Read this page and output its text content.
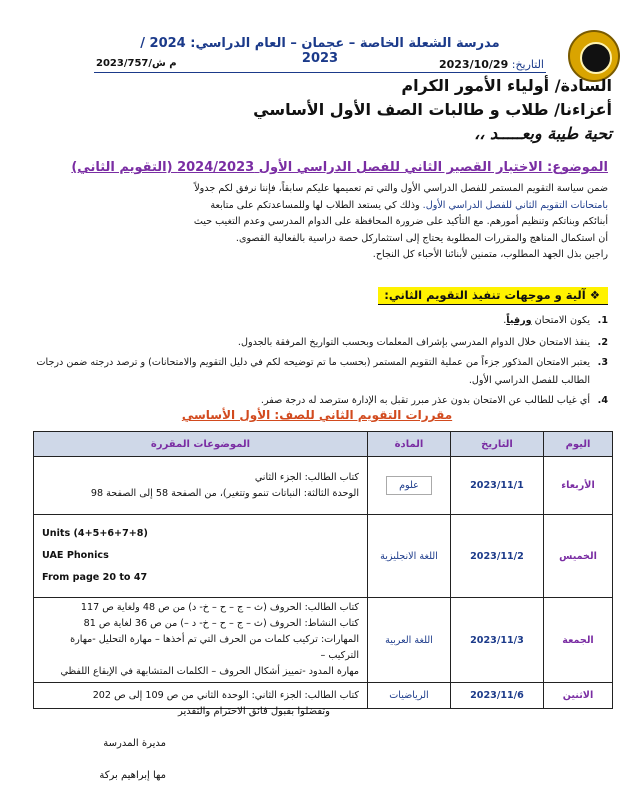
مدرسة الشعلة الخاصة – عجمان – العام الدراسي: 2024 / 2023	التاريخ: 2023/10/29
م ش/2023/757
السادة/ أولياء الأمور الكرام
أعزاءنا/ طلاب و طالبات الصف الأول الأساسي
تحية طيبة وبعـــــد ،،
الموضوع: الاختبار القصير الثاني للفصل الدراسي الأول 2024/2023 (التقويم الثاني)
ضمن سياسة التقويم المستمر للفصل الدراسي الأول والتي تم تعميمها عليكم سابقاً، فإننا نرفق لكم جدولاً
بامتحانات التقويم الثاني للفصل الدراسي الأول. وذلك كي يستعد الطلاب لها وللمساعدتكم على متابعة
أبنائكم وبناتكم وتنظيم أمورهم. مع التأكيد على ضرورة المحافظة على الدوام المدرسي وعدم التغيب حيث
أن استكمال المناهج والمقررات المطلوبة يحتاج إلى استثماركل حصة دراسية بالفعالية القصوى.
راجين بذل الجهد المطلوب، متمنين لأبنائنا الأحباء كل النجاح.
❖ آلية و موجهات تنفيذ التقويم الثاني:
1.
يكون الامتحان ورقياً.
2.
ينفذ الامتحان خلال الدوام المدرسي بإشراف المعلمات وبحسب التواريخ المرفقة بالجدول.
3.
يعتبر الامتحان المذكور جزءاً من عملية التقويم المستمر (بحسب ما تم توضيحه لكم في دليل التقويم والامتحانات) و ترصد درجته ضمن درجات الطالب للفصل الدراسي الأول.
4.
أي غياب للطالب عن الامتحان بدون عذر مبرر تقبل به الإدارة سترصد له درجة صفر.
مقررات التقويم الثاني للصف: الأول الأساسي
اليوم	التاريخ	المادة	الموضوعات المقررة
الأربعاء	2023/11/1	علوم	كتاب الطالب: الجزء الثاني
الوحدة الثالثة: النباتات تنمو وتتغير)، من الصفحة 58 إلى الصفحة 98

الخميس	2023/11/2	اللغة الانجليزية	Units (4+5+6+7+8)
UAE Phonics
From page 20 to 47

الجمعة	2023/11/3	اللغة العربية	كتاب الطالب: الحروف (ث – ج – ح – خ- د) من ص 48 ولغاية ص 117
كتاب النشاط: الحروف (ث – ج – ح – خ- د –) من ص 36 لغاية ص 81
المهارات: تركيب كلمات من الحرف التي تم أخذها – مهارة التحليل -مهارة التركيب –
مهارة المدود -تمييز أشكال الحروف – الكلمات المتشابهة في الإيقاع اللفظي

الاثنين	2023/11/6	الرياضيات	كتاب الطالب: الجزء الثاني: الوحدة الثاني من ص 109 إلى ص 202
وتفضلوا بقبول فائق الاحترام والتقدير
مديرة المدرسة
مها إبراهيم بركة
